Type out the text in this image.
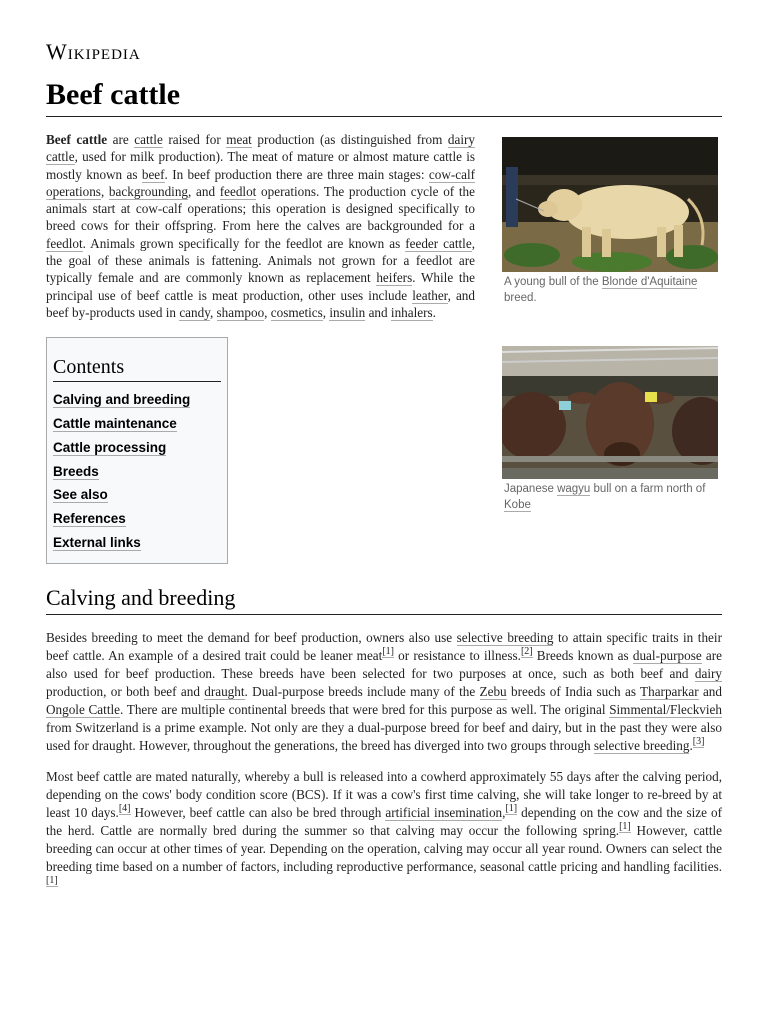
Wikipedia
Beef cattle
Beef cattle are cattle raised for meat production (as distinguished from dairy cattle, used for milk production). The meat of mature or almost mature cattle is mostly known as beef. In beef production there are three main stages: cow-calf operations, backgrounding, and feedlot operations. The production cycle of the animals start at cow-calf operations; this operation is designed specifically to breed cows for their offspring. From here the calves are backgrounded for a feedlot. Animals grown specifically for the feedlot are known as feeder cattle, the goal of these animals is fattening. Animals not grown for a feedlot are typically female and are commonly known as replacement heifers. While the principal use of beef cattle is meat production, other uses include leather, and beef by-products used in candy, shampoo, cosmetics, insulin and inhalers.
A young bull of the Blonde d'Aquitaine breed.
Japanese wagyu bull on a farm north of Kobe
Contents
Calving and breeding
Cattle maintenance
Cattle processing
Breeds
See also
References
External links
Calving and breeding
Besides breeding to meet the demand for beef production, owners also use selective breeding to attain specific traits in their beef cattle. An example of a desired trait could be leaner meat[1] or resistance to illness.[2] Breeds known as dual-purpose are also used for beef production. These breeds have been selected for two purposes at once, such as both beef and dairy production, or both beef and draught. Dual-purpose breeds include many of the Zebu breeds of India such as Tharparkar and Ongole Cattle. There are multiple continental breeds that were bred for this purpose as well. The original Simmental/Fleckvieh from Switzerland is a prime example. Not only are they a dual-purpose breed for beef and dairy, but in the past they were also used for draught. However, throughout the generations, the breed has diverged into two groups through selective breeding.[3]
Most beef cattle are mated naturally, whereby a bull is released into a cowherd approximately 55 days after the calving period, depending on the cows' body condition score (BCS). If it was a cow's first time calving, she will take longer to re-breed by at least 10 days.[4] However, beef cattle can also be bred through artificial insemination,[1] depending on the cow and the size of the herd. Cattle are normally bred during the summer so that calving may occur the following spring.[1] However, cattle breeding can occur at other times of year. Depending on the operation, calving may occur all year round. Owners can select the breeding time based on a number of factors, including reproductive performance, seasonal cattle pricing and handling facilities.[1]
